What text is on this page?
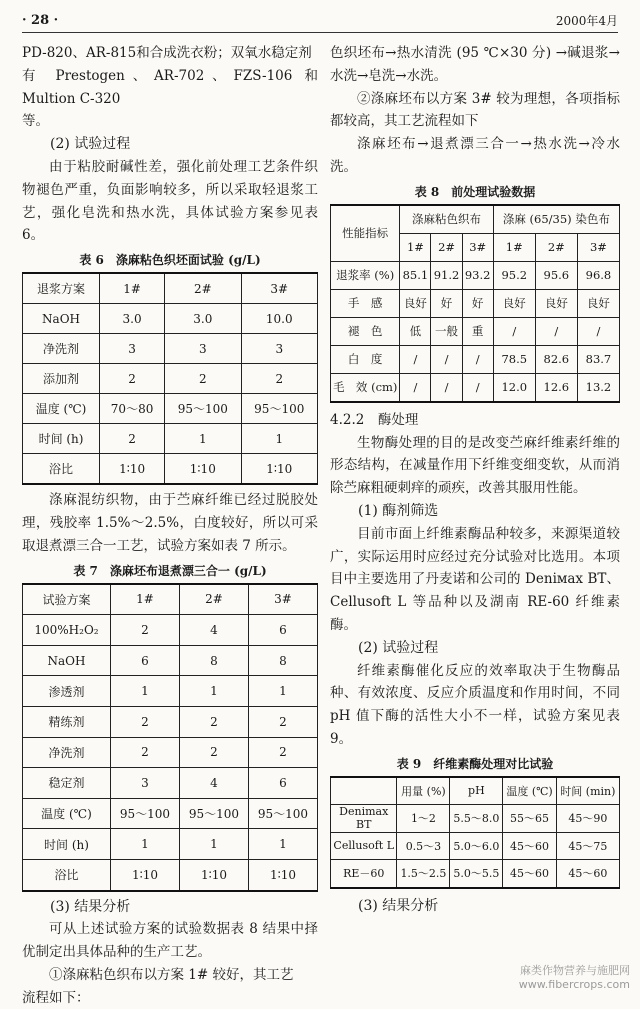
· 28 ·	2000年4月

PD-820、AR-815和合成洗衣粉；双氧水稳定剂

有 Prestogen、AR-702、FZS-106 和 Multion C-320

等。

(2) 试验过程

由于粘胶耐碱性差，强化前处理工艺条件织物褪色严重，负面影响较多，所以采取轻退浆工艺，强化皂洗和热水洗，具体试验方案参见表 6。

表 6　涤麻粘色织坯面试验 (g/L)
退浆方案	1#	2#	3#
NaOH	3.0	3.0	10.0
净洗剂	3	3	3
添加剂	2	2	2
温度 (℃)	70～80	95～100	95～100
时间 (h)	2	1	1
浴比	1∶10	1∶10	1∶10

涤麻混纺织物，由于苎麻纤维已经过脱胶处理，残胶率 1.5%～2.5%，白度较好，所以可采取退煮漂三合一工艺，试验方案如表 7 所示。

表 7　涤麻坯布退煮漂三合一 (g/L)
试验方案	1#	2#	3#
100%H₂O₂	2	4	6
NaOH	6	8	8
渗透剂	1	1	1
精练剂	2	2	2
净洗剂	2	2	2
稳定剂	3	4	6
温度 (℃)	95～100	95～100	95～100
时间 (h)	1	1	1
浴比	1∶10	1∶10	1∶10

(3) 结果分析

可从上述试验方案的试验数据表 8 结果中择优制定出具体品种的生产工艺。

①涤麻粘色织布以方案 1# 较好，其工艺

流程如下：

色织坯布→热水清洗 (95 ℃×30 分) →碱退浆→水洗→皂洗→水洗。

②涤麻坯布以方案 3# 较为理想，各项指标都较高，其工艺流程如下

涤麻坯布→退煮漂三合一→热水洗→冷水洗。

表 8　前处理试验数据
性能指标	涤麻粘色织布			涤麻 (65/35) 染色布		
	1#	2#	3#	1#	2#	3#
退浆率 (%)	85.1	91.2	93.2	95.2	95.6	96.8
手　感	良好	好	好	良好	良好	良好
褪　色	低	一般	重	/	/	/
白　度	/	/	/	78.5	82.6	83.7
毛　效 (cm)	/	/	/	12.0	12.6	13.2

4.2.2　酶处理

生物酶处理的目的是改变苎麻纤维素纤维的形态结构，在减量作用下纤维变细变软，从而消除苎麻粗硬刺痒的顽疾，改善其服用性能。

(1) 酶剂筛选

目前市面上纤维素酶品种较多，来源渠道较广，实际运用时应经过充分试验对比选用。本项目中主要选用了丹麦诺和公司的 Deniмax BT、Cellusoft L 等品种以及湖南 RE-60 纤维素酶。

(2) 试验过程

纤维素酶催化反应的效率取决于生物酶品种、有效浓度、反应介质温度和作用时间，不同 pH 值下酶的活性大小不一样，试验方案见表 9。

表 9　纤维素酶处理对比试验
	用量 (%)	pH	温度 (℃)	时间 (min)
Denimax BT	1～2	5.5～8.0	55～65	45～90
Cellusoft L	0.5～3	5.0～6.0	45～60	45～75
RE－60	1.5～2.5	5.0～5.5	45～60	45～60

(3) 结果分析

麻类作物营养与施肥网
www.fibercrops.com
